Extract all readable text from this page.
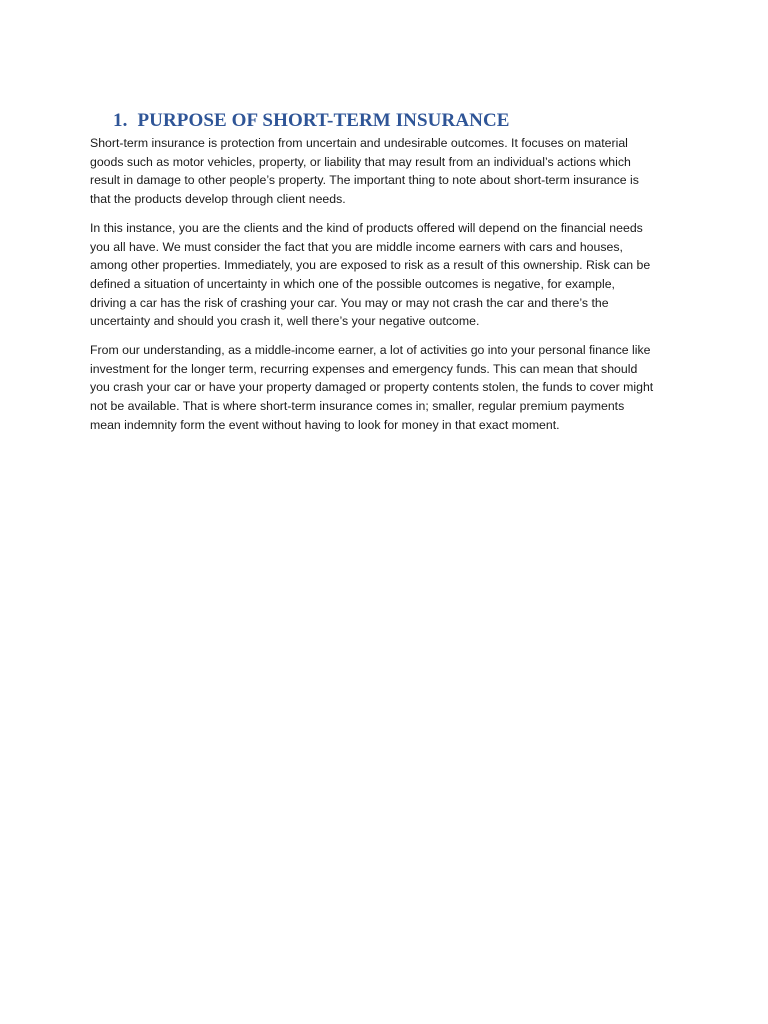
1. PURPOSE OF SHORT-TERM INSURANCE

Short-term insurance is protection from uncertain and undesirable outcomes. It focuses on material
goods such as motor vehicles, property, or liability that may result from an individual’s actions which
result in damage to other people’s property. The important thing to note about short-term insurance is
that the products develop through client needs.

In this instance, you are the clients and the kind of products offered will depend on the financial needs
you all have. We must consider the fact that you are middle income earners with cars and houses,
among other properties. Immediately, you are exposed to risk as a result of this ownership. Risk can be
defined a situation of uncertainty in which one of the possible outcomes is negative, for example,
driving a car has the risk of crashing your car. You may or may not crash the car and there’s the
uncertainty and should you crash it, well there’s your negative outcome.

From our understanding, as a middle-income earner, a lot of activities go into your personal finance like
investment for the longer term, recurring expenses and emergency funds. This can mean that should
you crash your car or have your property damaged or property contents stolen, the funds to cover might
not be available. That is where short-term insurance comes in; smaller, regular premium payments
mean indemnity form the event without having to look for money in that exact moment.
